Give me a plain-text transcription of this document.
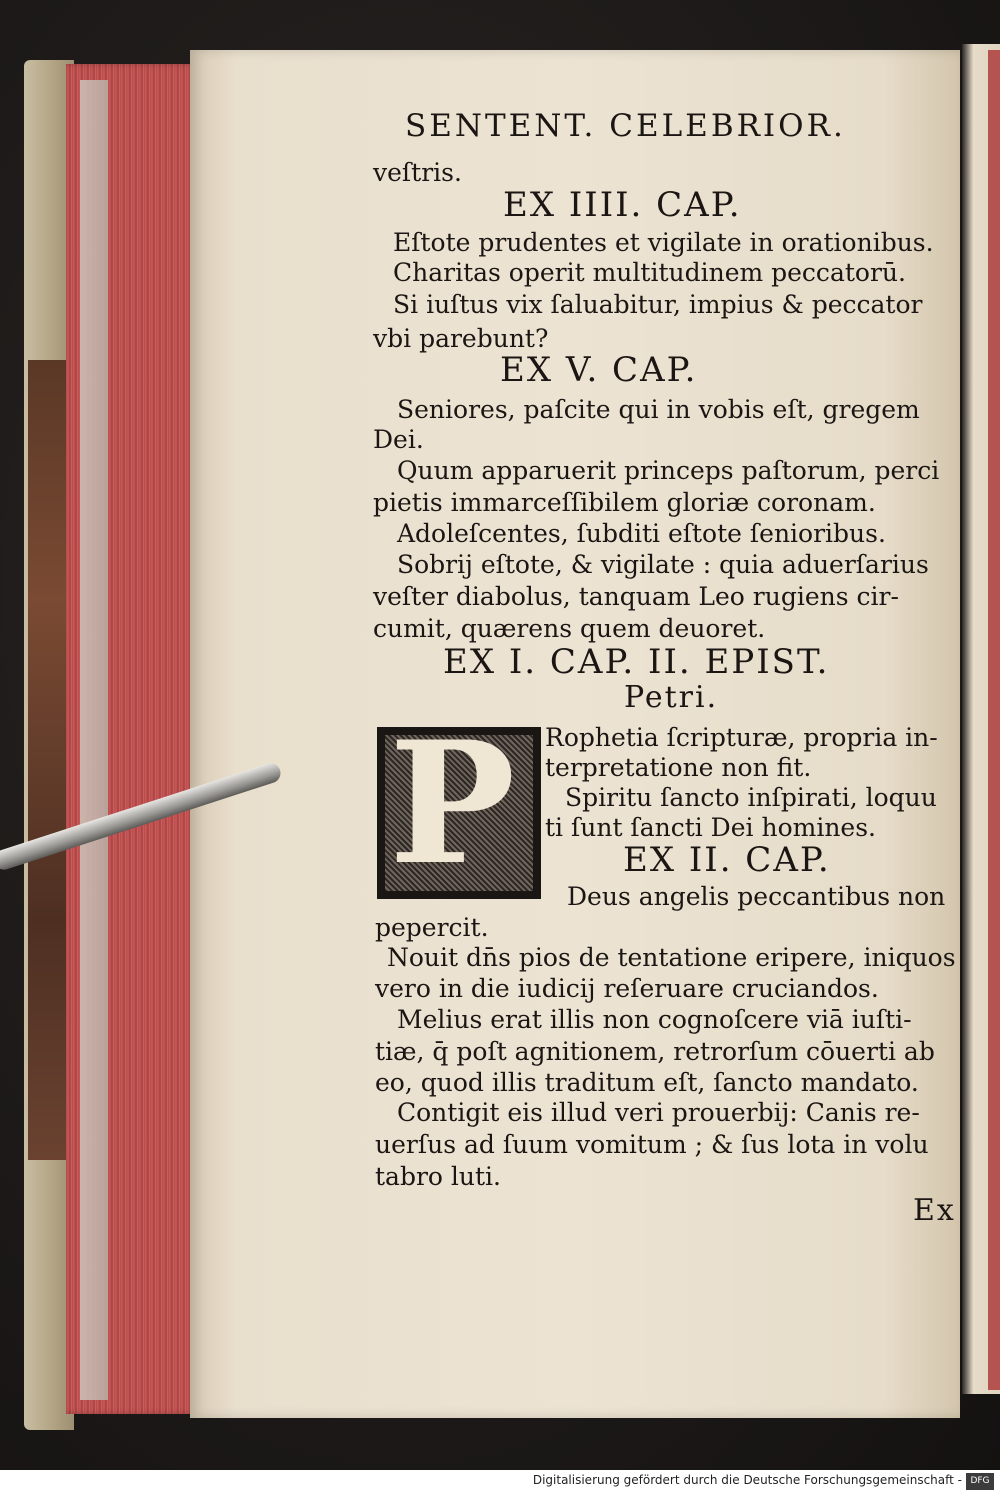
SENTENT. CELEBRIOR.
veſtris.
EX IIII. CAP.
Eſtote prudentes et vigilate in orationibus.
Charitas operit multitudinem peccatorū.
Si iuſtus vix ſaluabitur, impius & peccator
vbi parebunt?
EX V. CAP.
Seniores, paſcite qui in vobis eſt, gregem
Dei.
Quum apparuerit princeps paſtorum, perci
pietis immarceſſibilem gloriæ coronam.
Adoleſcentes, ſubditi eſtote ſenioribus.
Sobrij eſtote, & vigilate : quia aduerſarius
veſter diabolus, tanquam Leo rugiens cir-
cumit, quærens quem deuoret.
EX I. CAP. II. EPIST.
Petri.
P Rophetia ſcripturæ, propria in-
terpretatione non fit.
Spiritu ſancto inſpirati, loquu
ti ſunt ſancti Dei homines.
EX II. CAP.
Deus angelis peccantibus non
pepercit.
Nouit dn̄s pios de tentatione eripere, iniquos
vero in die iudicij reſeruare cruciandos.
Melius erat illis non cognoſcere viā iuſti-
tiæ, q̄ poſt agnitionem, retrorſum cōuerti ab
eo, quod illis traditum eſt, ſancto mandato.
Contigit eis illud veri prouerbij: Canis re-
uerſus ad ſuum vomitum ; & ſus lota in volu
tabro luti.
Ex
Digitalisierung gefördert durch die Deutsche Forschungsgemeinschaft - DFG
